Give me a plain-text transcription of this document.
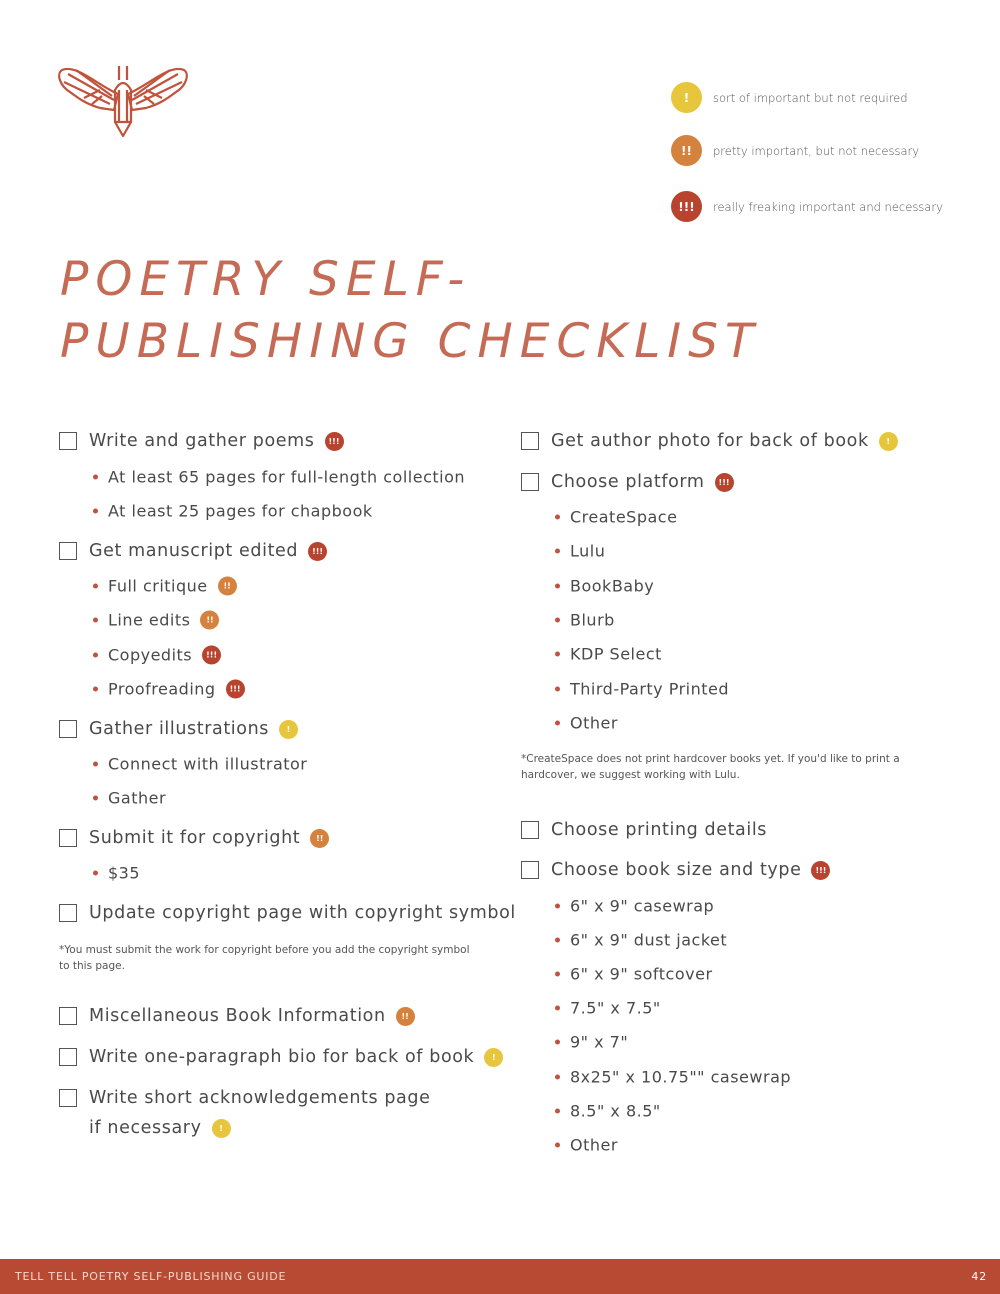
!	sort of important but not required
!!	pretty important, but not necessary
!!!	really freaking important and necessary
POETRY SELF-
PUBLISHING CHECKLIST
Write and gather poems	!!!
At least 65 pages for full-length collection
At least 25 pages for chapbook
Get manuscript edited	!!!
Full critique	!!
Line edits	!!
Copyedits	!!!
Proofreading	!!!
Gather illustrations	!
Connect with illustrator
Gather
Submit it for copyright	!!
$35
Update copyright page with copyright symbol
Miscellaneous Book Information	!!
Write one-paragraph bio for back of book	!
Write short acknowledgements page
if necessary	!
*You must submit the work for copyright before you add the copyright symbol to this page.
Get author photo for back of book	!
Choose platform	!!!
CreateSpace
Lulu
BookBaby
Blurb
KDP Select
Third-Party Printed
Other
Choose printing details
Choose book size and type	!!!
6" x 9" casewrap
6" x 9" dust jacket
6" x 9" softcover
7.5" x 7.5"
9" x 7"
8x25" x 10.75"" casewrap
8.5" x 8.5"
Other
*CreateSpace does not print hardcover books yet. If you'd like to print a hardcover, we suggest working with Lulu.
TELL TELL POETRY SELF-PUBLISHING GUIDE	42
